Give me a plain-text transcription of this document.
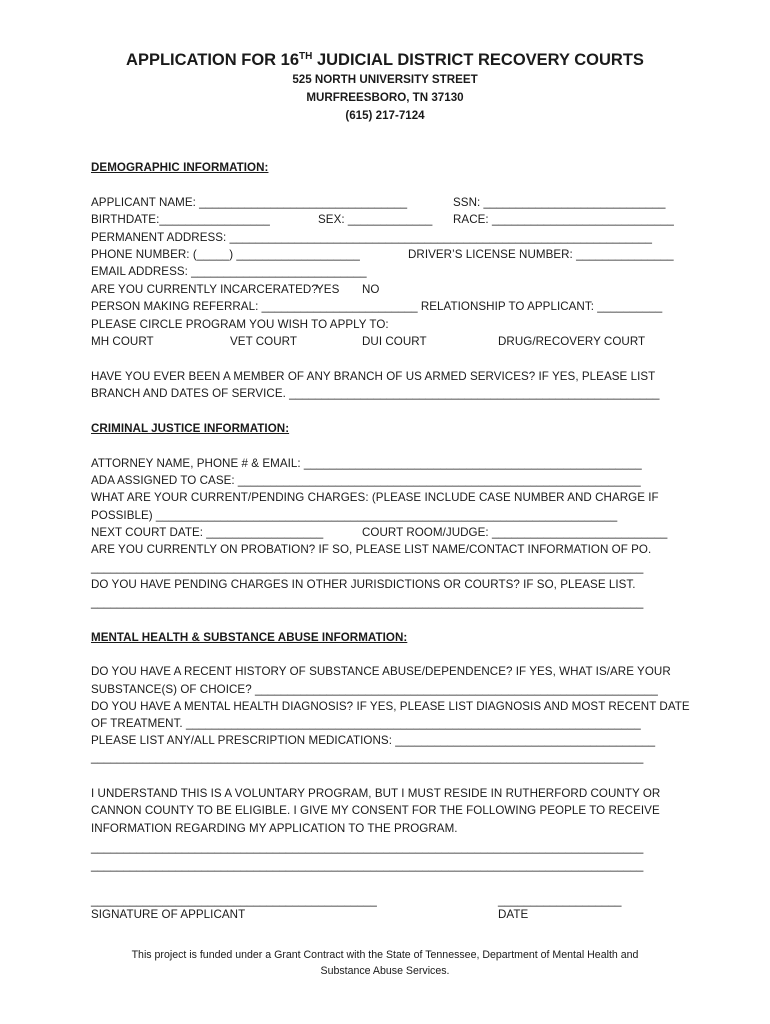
APPLICATION FOR 16TH JUDICIAL DISTRICT RECOVERY COURTS
525 NORTH UNIVERSITY STREET
MURFREESBORO, TN 37130
(615) 217-7124
DEMOGRAPHIC INFORMATION:
APPLICANT NAME: ________________________________	SSN: ____________________________
BIRTHDATE:_________________	SEX: _____________ RACE: ____________________________
PERMANENT ADDRESS: _________________________________________________________________
PHONE NUMBER: (_____) ___________________	DRIVER’S LICENSE NUMBER: _______________
EMAIL ADDRESS: ___________________________
ARE YOU CURRENTLY INCARCERATED?
YES NO
PERSON MAKING REFERRAL: ________________________ RELATIONSHIP TO APPLICANT: __________
PLEASE CIRCLE PROGRAM YOU WISH TO APPLY TO:
MH COURT	VET COURT	DUI COURT	DRUG/RECOVERY COURT
HAVE YOU EVER BEEN A MEMBER OF ANY BRANCH OF US ARMED SERVICES? IF YES, PLEASE LIST
BRANCH AND DATES OF SERVICE. _________________________________________________________
CRIMINAL JUSTICE INFORMATION:
ATTORNEY NAME, PHONE # & EMAIL: ____________________________________________________
ADA ASSIGNED TO CASE: ______________________________________________________________
WHAT ARE YOUR CURRENT/PENDING CHARGES: (PLEASE INCLUDE CASE NUMBER AND CHARGE IF
POSSIBLE) _______________________________________________________________________
NEXT COURT DATE: __________________	COURT ROOM/JUDGE: ___________________________
ARE YOU CURRENTLY ON PROBATION? IF SO, PLEASE LIST NAME/CONTACT INFORMATION OF PO.
_____________________________________________________________________________________
DO YOU HAVE PENDING CHARGES IN OTHER JURISDICTIONS OR COURTS? IF SO, PLEASE LIST.
_____________________________________________________________________________________
MENTAL HEALTH & SUBSTANCE ABUSE INFORMATION:
DO YOU HAVE A RECENT HISTORY OF SUBSTANCE ABUSE/DEPENDENCE? IF YES, WHAT IS/ARE YOUR
SUBSTANCE(S) OF CHOICE? ______________________________________________________________
DO YOU HAVE A MENTAL HEALTH DIAGNOSIS? IF YES, PLEASE LIST DIAGNOSIS AND MOST RECENT DATE
OF TREATMENT. ______________________________________________________________________
PLEASE LIST ANY/ALL PRESCRIPTION MEDICATIONS: ________________________________________
_____________________________________________________________________________________
I UNDERSTAND THIS IS A VOLUNTARY PROGRAM, BUT I MUST RESIDE IN RUTHERFORD COUNTY OR
CANNON COUNTY TO BE ELIGIBLE. I GIVE MY CONSENT FOR THE FOLLOWING PEOPLE TO RECEIVE
INFORMATION REGARDING MY APPLICATION TO THE PROGRAM.
_____________________________________________________________________________________
_____________________________________________________________________________________
____________________________________________
SIGNATURE OF APPLICANT
___________________
DATE
This project is funded under a Grant Contract with the State of Tennessee, Department of Mental Health and
Substance Abuse Services.
